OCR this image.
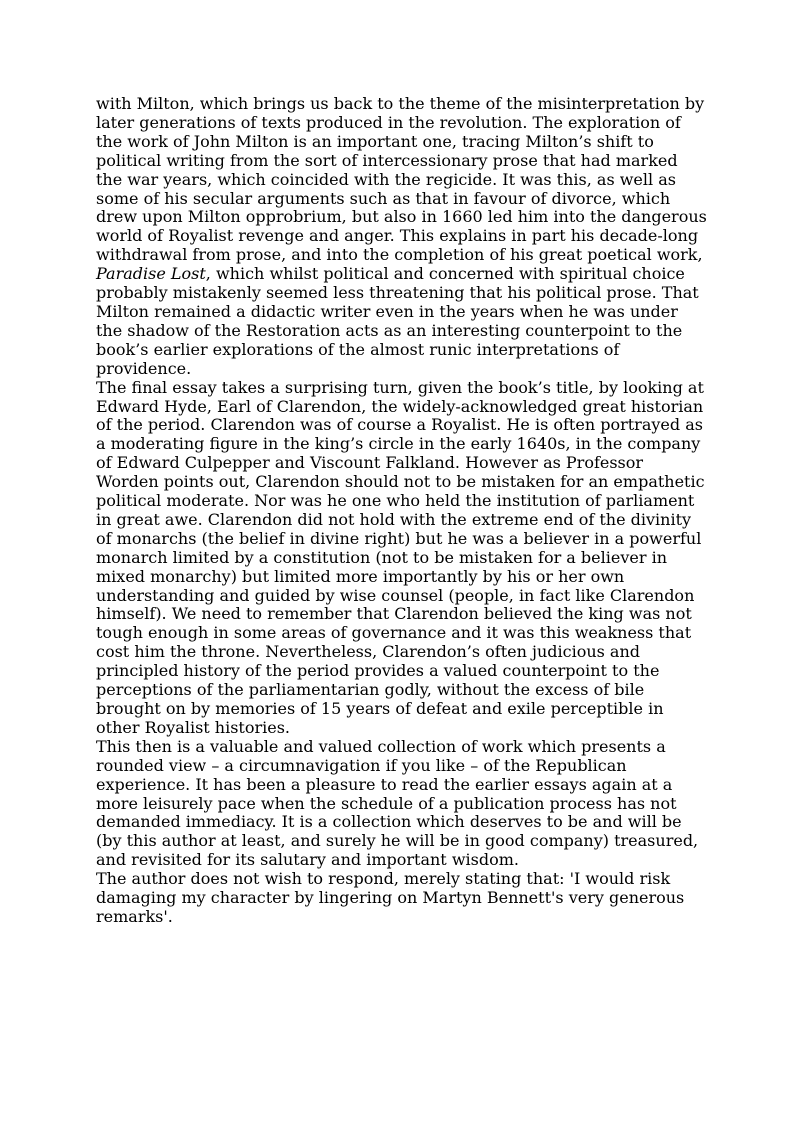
with Milton, which brings us back to the theme of the misinterpretation by later generations of texts produced in the revolution. The exploration of the work of John Milton is an important one, tracing Milton’s shift to political writing from the sort of intercessionary prose that had marked the war years, which coincided with the regicide. It was this, as well as some of his secular arguments such as that in favour of divorce, which drew upon Milton opprobrium, but also in 1660 led him into the dangerous world of Royalist revenge and anger. This explains in part his decade-long withdrawal from prose, and into the completion of his great poetical work, Paradise Lost, which whilst political and concerned with spiritual choice probably mistakenly seemed less threatening that his political prose. That Milton remained a didactic writer even in the years when he was under the shadow of the Restoration acts as an interesting counterpoint to the book’s earlier explorations of the almost runic interpretations of providence.

The final essay takes a surprising turn, given the book’s title, by looking at Edward Hyde, Earl of Clarendon, the widely-acknowledged great historian of the period. Clarendon was of course a Royalist. He is often portrayed as a moderating figure in the king’s circle in the early 1640s, in the company of Edward Culpepper and Viscount Falkland. However as Professor Worden points out, Clarendon should not to be mistaken for an empathetic political moderate. Nor was he one who held the institution of parliament in great awe. Clarendon did not hold with the extreme end of the divinity of monarchs (the belief in divine right) but he was a believer in a powerful monarch limited by a constitution (not to be mistaken for a believer in mixed monarchy) but limited more importantly by his or her own understanding and guided by wise counsel (people, in fact like Clarendon himself). We need to remember that Clarendon believed the king was not tough enough in some areas of governance and it was this weakness that cost him the throne. Nevertheless, Clarendon’s often judicious and principled history of the period provides a valued counterpoint to the perceptions of the parliamentarian godly, without the excess of bile brought on by memories of 15 years of defeat and exile perceptible in other Royalist histories.

This then is a valuable and valued collection of work which presents a rounded view – a circumnavigation if you like – of the Republican experience. It has been a pleasure to read the earlier essays again at a more leisurely pace when the schedule of a publication process has not demanded immediacy. It is a collection which deserves to be and will be (by this author at least, and surely he will be in good company) treasured, and revisited for its salutary and important wisdom.

The author does not wish to respond, merely stating that: 'I would risk damaging my character by lingering on Martyn Bennett's very generous remarks'.
